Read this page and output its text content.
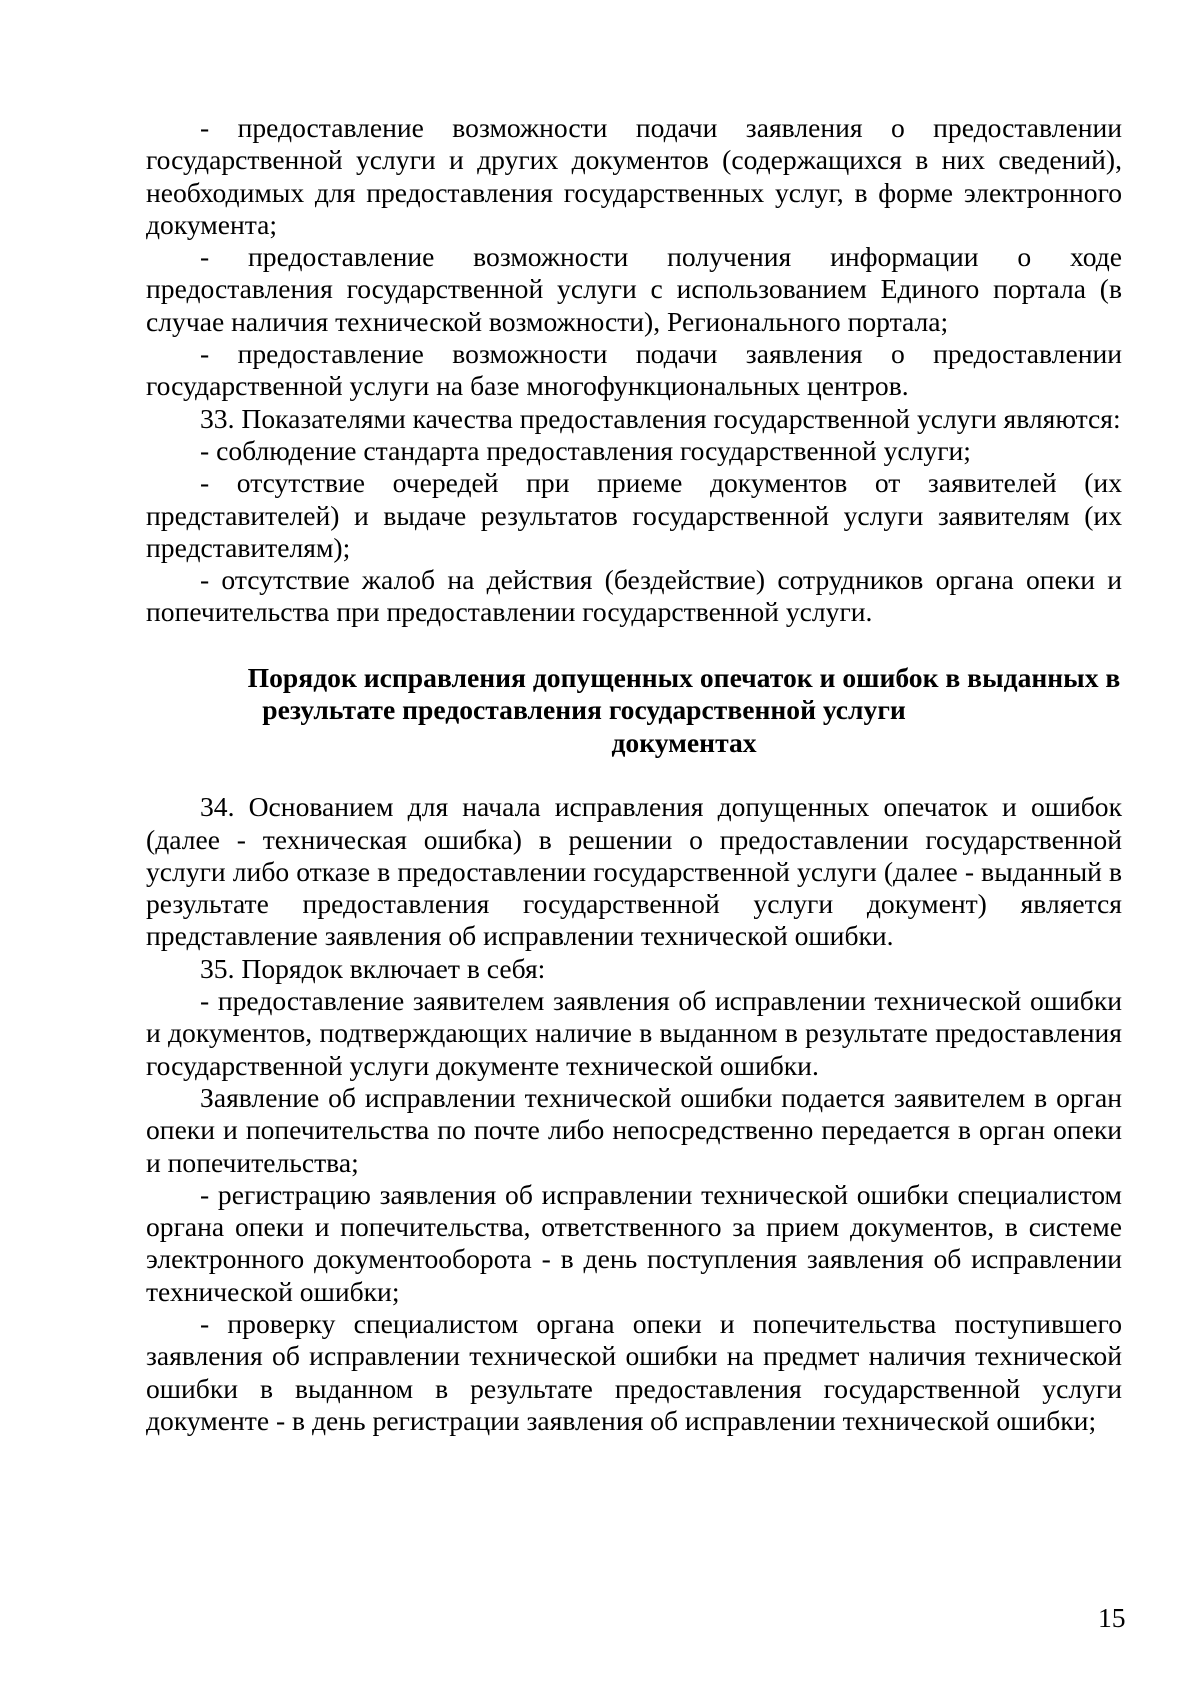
- предоставление возможности подачи заявления о предоставлении государственной услуги и других документов (содержащихся в них сведений), необходимых для предоставления государственных услуг, в форме электронного документа;

- предоставление возможности получения информации о ходе предоставления государственной услуги с использованием Единого портала (в случае наличия технической возможности), Регионального портала;

- предоставление возможности подачи заявления о предоставлении государственной услуги на базе многофункциональных центров.

33. Показателями качества предоставления государственной услуги являются:

- соблюдение стандарта предоставления государственной услуги;

- отсутствие очередей при приеме документов от заявителей (их представителей) и выдаче результатов государственной услуги заявителям (их представителям);

- отсутствие жалоб на действия (бездействие) сотрудников органа опеки и попечительства при предоставлении государственной услуги.

Порядок исправления допущенных опечаток и ошибок в выданных в

результате предоставления государственной услуги

документах

34. Основанием для начала исправления допущенных опечаток и ошибок (далее - техническая ошибка) в решении о предоставлении государственной услуги либо отказе в предоставлении государственной услуги (далее - выданный в результате предоставления государственной услуги документ) является представление заявления об исправлении технической ошибки.

35. Порядок включает в себя:

- предоставление заявителем заявления об исправлении технической ошибки и документов, подтверждающих наличие в выданном в результате предоставления государственной услуги документе технической ошибки.

Заявление об исправлении технической ошибки подается заявителем в орган опеки и попечительства по почте либо непосредственно передается в орган опеки и попечительства;

- регистрацию заявления об исправлении технической ошибки специалистом органа опеки и попечительства, ответственного за прием документов, в системе электронного документооборота - в день поступления заявления об исправлении технической ошибки;

- проверку специалистом органа опеки и попечительства поступившего заявления об исправлении технической ошибки на предмет наличия технической ошибки в выданном в результате предоставления государственной услуги документе - в день регистрации заявления об исправлении технической ошибки;

15
